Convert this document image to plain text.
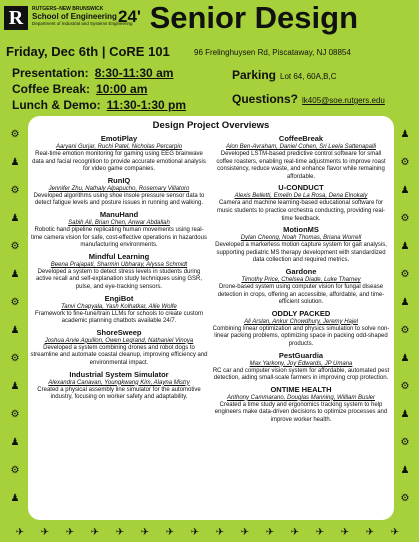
R	RUTGERS–NEW BRUNSWICK
School of Engineering
Department of Industrial and Systems Engineering
$^{24'}$ Senior Design
Friday, Dec 6th | CoRE 101	96 Frelinghuysen Rd, Piscataway, NJ 08854
Presentation: 8:30-11:30 am
Coffee Break: 10:00 am
Lunch & Demo: 11:30-1:30 pm
Parking Lot 64, 60A,B,C
Questions? lk405@soe.rutgers.edu
Design Project Overviews
EmotiPlay
Aaryani Gurjar, Ruchi Patel, Nicholas Percarpio
Real-time emotion monitoring for gaming using EEG brainwave data and facial recognition to provide accurate emotional analysis for video game companies.
RunIQ
Jennifer Zhu, Nathaly Alpapucho, Rosemary Villatoro
Developed algorithms using shoe insole pressure sensor data to detect fatigue levels and posture issues in running and walking.
ManuHand
Sabih Ali, Brian Chen, Anwar Abdallah
Robotic hand pipeline replicating human movements using real-time camera vision for safe, cost-effective operations in hazardous manufacturing environments.
Mindful Learning
Beena Prajapati, Sharmin Ubharay, Alyssa Schmidt
Developed a system to detect stress levels in students during active recall and self-explanation study techniques using GSR, pulse, and eye-tracking sensors.
EngiBot
Tanvi Chapyala, Yash Kolhatkar, Allie Wolfe
Framework to fine-tune/train LLMs for schools to create custom academic planning chatbots available 24/7.
ShoreSweep
Joshua Arvie Aguillon, Owen Legrand, Nathaniel Vinoya
Developed a system combining drones and robot dogs to streamline and automate coastal cleanup, improving efficiency and environmental impact.
Industrial System Simulator
Alexandra Canavan, Youngkwang Kim, Alayna Mistry
Created a physical assembly line simulator for the automotive industry, focusing on worker safety and adaptability.
CoffeeBreak
Alon Ben-Avraham, Daniel Cohen, Sri Leela Sattenapalli
Developed LSTM-based predictive control software for small coffee roasters, enabling real-time adjustments to improve roast consistency, reduce waste, and enhance flavor while remaining affordable.
U-CONDUCT
Alexis Belletti, Emelin De La Rosa, Dena Elnokaly
Camera and machine learning-based educational software for music students to practice orchestra conducting, providing real-time feedback.
MotionMS
Dylan Cheong, Noah Thomas, Briana Worrell
Developed a markerless motion capture system for gait analysis, supporting pediatric MS therapy development with standardized data collection and required metrics.
Gardone
Timothy Price, Chelsea Diade, Luke Tharney
Drone-based system using computer vision for fungal disease detection in crops, offering an accessible, affordable, and time-efficient solution.
ODDLY PACKED
Ali Arslan, Ankur Chowdhury, Jeremy Hajel
Combining linear optimization and physics simulation to solve non-linear packing problems, optimizing space in packing odd-shaped products.
PestGuardia
Max Yarkony, Joy Edwards, JP Umana
RC car and computer vision system for affordable, automated pest detection, aiding small-scale farmers in improving crop protection.
ONTIME HEALTH
Anthony Cammarano, Douglas Manning, William Busler
Created a time study and ergonomics tracking system to help engineers make data-driven decisions to optimize processes and improve worker health.
⚙	♟
♟	⚙
⚙	♟
♟	⚙
⚙	♟
♟	⚙
⚙	♟
♟	⚙
⚙	♟
♟	⚙
⚙	♟
♟	⚙
⚙	♟
♟	⚙
✈	✈	✈	✈	✈	✈	✈	✈	✈	✈	✈	✈	✈	✈	✈	✈
